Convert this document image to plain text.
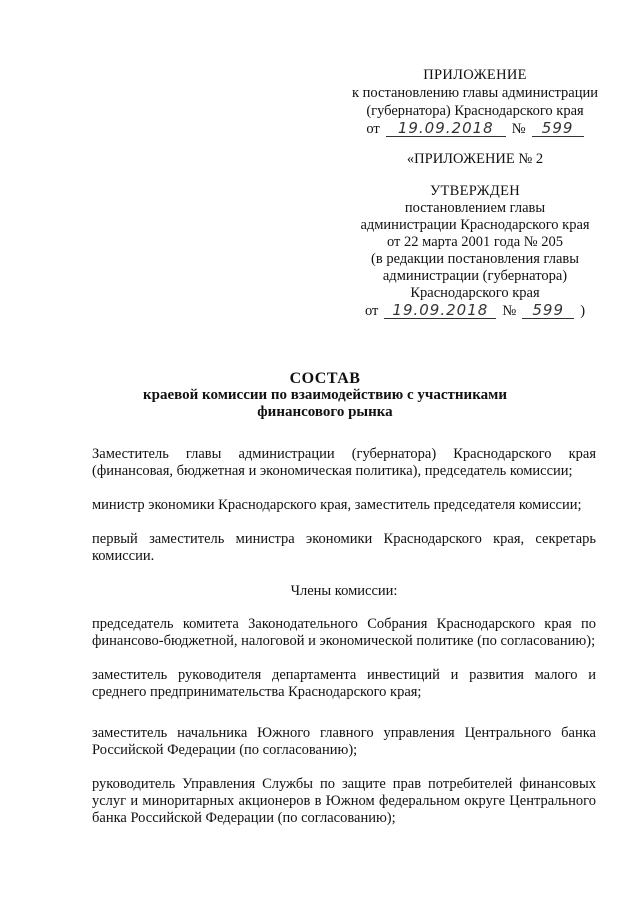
ПРИЛОЖЕНИЕ
к постановлению главы администрации
(губернатора) Краснодарского края
от	19.09.2018	№	599
«ПРИЛОЖЕНИЕ № 2
УТВЕРЖДЕН
постановлением главы
администрации Краснодарского края
от 22 марта 2001 года № 205
(в редакции постановления главы
администрации (губернатора)
Краснодарского края
от 19.09.2018 №	599	)
СОСТАВ
краевой комиссии по взаимодействию с участниками
финансового рынка

Заместитель главы администрации (губернатора) Краснодарского края (финансовая, бюджетная и экономическая политика), председатель комиссии;

министр экономики Краснодарского края, заместитель председателя комиссии;

первый заместитель министра экономики Краснодарского края, секретарь комиссии.

Члены комиссии:

председатель комитета Законодательного Собрания Краснодарского края по финансово-бюджетной, налоговой и экономической политике (по согласованию);

заместитель руководителя департамента инвестиций и развития малого и среднего предпринимательства Краснодарского края;

заместитель начальника Южного главного управления Центрального банка Российской Федерации (по согласованию);

руководитель Управления Службы по защите прав потребителей финансовых услуг и миноритарных акционеров в Южном федеральном округе Центрального банка Российской Федерации (по согласованию);
